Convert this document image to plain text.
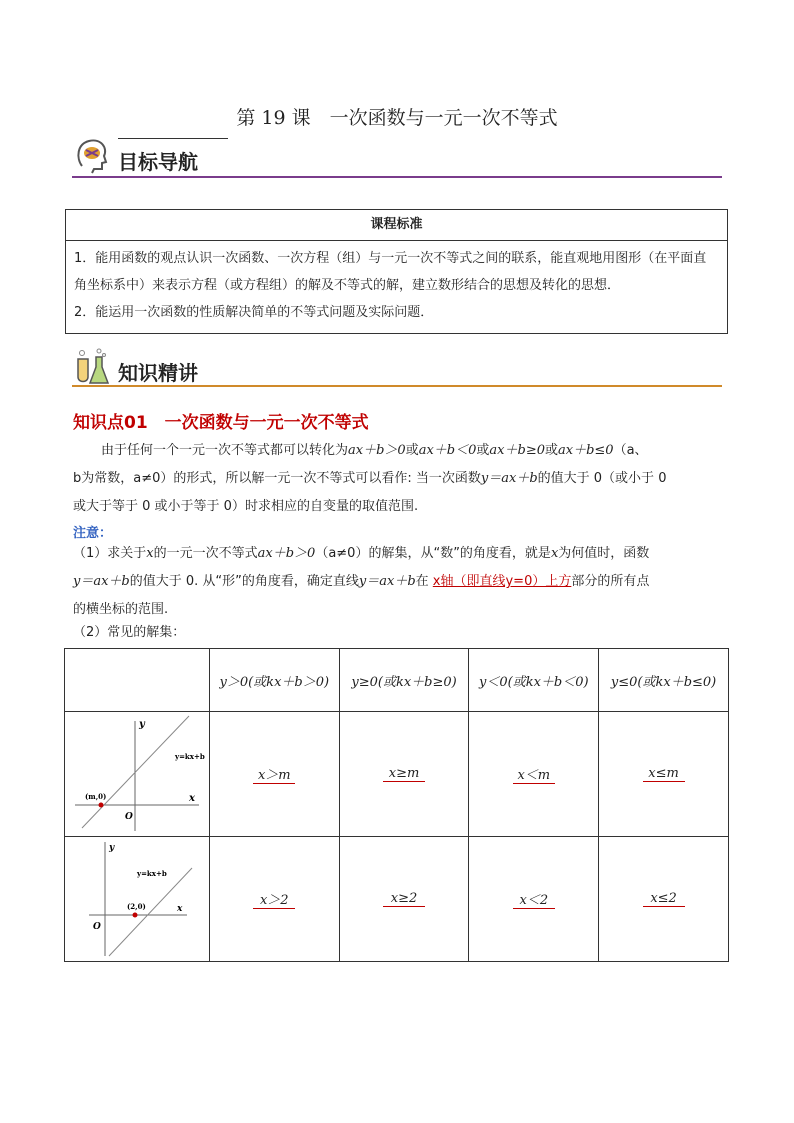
第 19 课　一次函数与一元一次不等式
目标导航
课程标准
1．能用函数的观点认识一次函数、一次方程（组）与一元一次不等式之间的联系，能直观地用图形（在平面直角坐标系中）来表示方程（或方程组）的解及不等式的解，建立数形结合的思想及转化的思想．
2．能运用一次函数的性质解决简单的不等式问题及实际问题．
知识精讲
知识点01　一次函数与一元一次不等式
由于任何一个一元一次不等式都可以转化为ax＋b＞0或ax＋b＜0或ax＋b≥0或ax＋b≤0（a、
b为常数，a≠0）的形式，所以解一元一次不等式可以看作: 当一次函数y＝ax＋b的值大于 0（或小于 0
或大于等于 0 或小于等于 0）时求相应的自变量的取值范围.
注意：
（1）求关于x的一元一次不等式ax＋b＞0（a≠0）的解集，从“数”的角度看，就是x为何值时，函数
y＝ax＋b的值大于 0. 从“形”的角度看，确定直线y＝ax＋b在 x轴（即直线y=0）上方部分的所有点
的横坐标的范围.
（2）常见的解集：
	y＞0(或kx＋b＞0)	y≥0(或kx＋b≥0)	y＜0(或kx＋b＜0)	y≤0(或kx＋b≤0)

y
x
O
y=kx+b
(m,0)	x＞m	x≥m	x＜m	x≤m

y
x
O
y=kx+b
(2,0)	x＞2	x≥2	x＜2	x≤2
